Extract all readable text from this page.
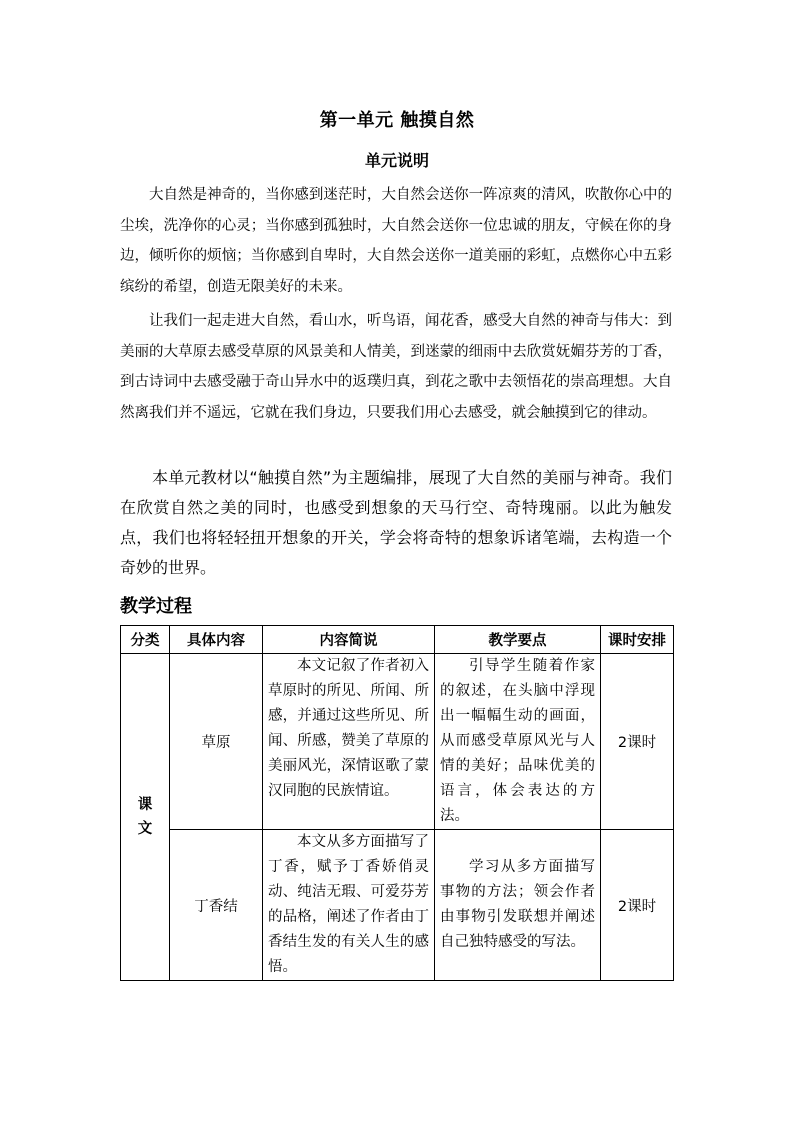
第一单元 触摸自然
单元说明
大自然是神奇的，当你感到迷茫时，大自然会送你一阵凉爽的清风，吹散你心中的尘埃，洗净你的心灵；当你感到孤独时，大自然会送你一位忠诚的朋友，守候在你的身边，倾听你的烦恼；当你感到自卑时，大自然会送你一道美丽的彩虹，点燃你心中五彩缤纷的希望，创造无限美好的未来。
让我们一起走进大自然，看山水，听鸟语，闻花香，感受大自然的神奇与伟大：到美丽的大草原去感受草原的风景美和人情美，到迷蒙的细雨中去欣赏妩媚芬芳的丁香，到古诗词中去感受融于奇山异水中的返璞归真，到花之歌中去领悟花的崇高理想。大自然离我们并不遥远，它就在我们身边，只要我们用心去感受，就会触摸到它的律动。
本单元教材以“触摸自然”为主题编排，展现了大自然的美丽与神奇。我们在欣赏自然之美的同时，也感受到想象的天马行空、奇特瑰丽。以此为触发点，我们也将轻轻扭开想象的开关，学会将奇特的想象诉诸笔端，去构造一个奇妙的世界。
教学过程
分类	具体内容	内容简说	教学要点	课时安排

课
文	草原	本文记叙了作者初入草原时的所见、所闻、所感，并通过这些所见、所闻、所感，赞美了草原的美丽风光，深情讴歌了蒙汉同胞的民族情谊。	引导学生随着作家的叙述，在头脑中浮现出一幅幅生动的画面，从而感受草原风光与人情的美好；品味优美的语言，体会表达的方法。	2课时
	丁香结	本文从多方面描写了丁香，赋予丁香娇俏灵动、纯洁无瑕、可爱芬芳的品格，阐述了作者由丁香结生发的有关人生的感悟。	学习从多方面描写事物的方法；领会作者由事物引发联想并阐述自己独特感受的写法。	2课时
